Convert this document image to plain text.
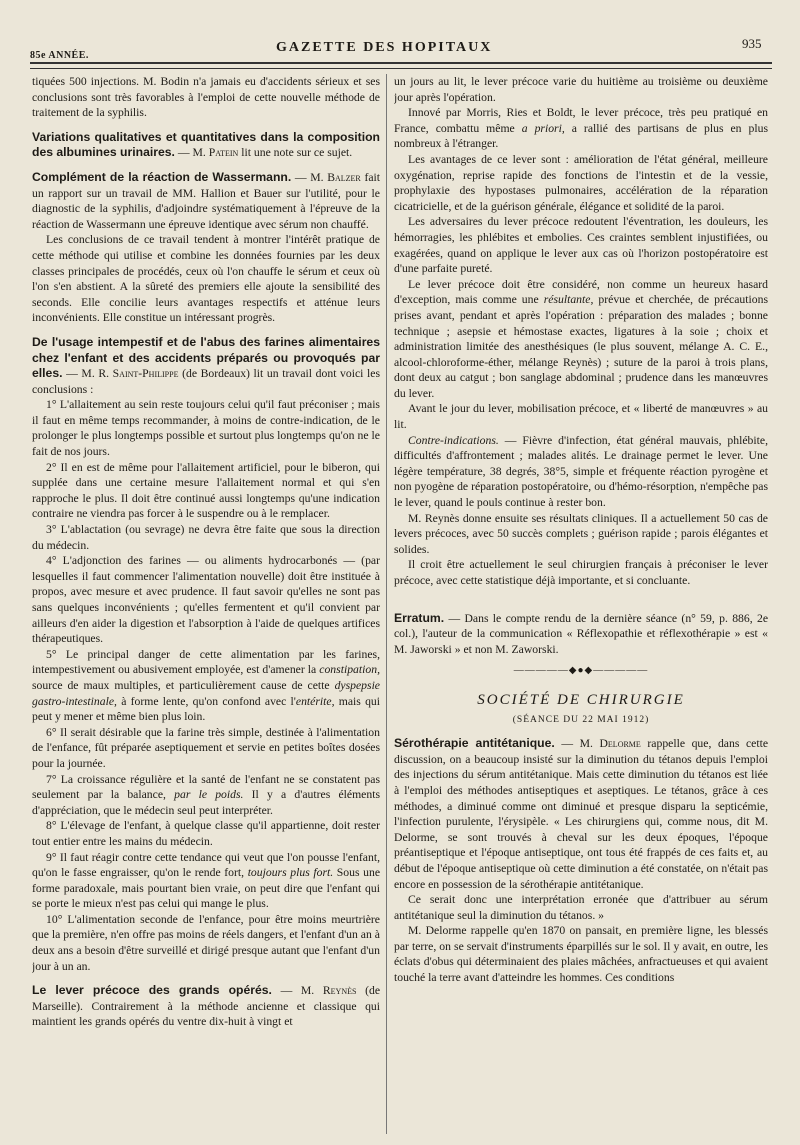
85e ANNÉE.
GAZETTE DES HOPITAUX	935

tiquées 500 injections. M. Bodin n'a jamais eu d'accidents sérieux et ses conclusions sont très favorables à l'emploi de cette nouvelle méthode de traitement de la syphilis.

Variations qualitatives et quantitatives dans la composition des albumines urinaires. — M. Patein lit une note sur ce sujet.

Complément de la réaction de Wassermann. — M. Balzer fait un rapport sur un travail de MM. Hallion et Bauer sur l'utilité, pour le diagnostic de la syphilis, d'adjoindre systématiquement à l'épreuve de la réaction de Wassermann une épreuve identique avec sérum non chauffé.

Les conclusions de ce travail tendent à montrer l'intérêt pratique de cette méthode qui utilise et combine les données fournies par les deux classes principales de procédés, ceux où l'on chauffe le sérum et ceux où l'on s'en abstient. A la sûreté des premiers elle ajoute la sensibilité des seconds. Elle concilie leurs avantages respectifs et atténue leurs inconvénients. Elle constitue un intéressant progrès.

De l'usage intempestif et de l'abus des farines alimentaires chez l'enfant et des accidents préparés ou provoqués par elles. — M. R. Saint-Philippe (de Bordeaux) lit un travail dont voici les conclusions :

1° L'allaitement au sein reste toujours celui qu'il faut préconiser ; mais il faut en même temps recommander, à moins de contre-indication, de le prolonger le plus longtemps possible et surtout plus longtemps qu'on ne le fait de nos jours.

2° Il en est de même pour l'allaitement artificiel, pour le biberon, qui supplée dans une certaine mesure l'allaitement normal et qui s'en rapproche le plus. Il doit être continué aussi longtemps qu'une indication contraire ne viendra pas forcer à le suspendre ou à le remplacer.

3° L'ablactation (ou sevrage) ne devra être faite que sous la direction du médecin.

4° L'adjonction des farines — ou aliments hydrocarbonés — (par lesquelles il faut commencer l'alimentation nouvelle) doit être instituée à propos, avec mesure et avec prudence. Il faut savoir qu'elles ne sont pas sans quelques inconvénients ; qu'elles fermentent et qu'il convient par ailleurs d'en aider la digestion et l'absorption à l'aide de quelques artifices thérapeutiques.

5° Le principal danger de cette alimentation par les farines, intempestivement ou abusivement employée, est d'amener la constipation, source de maux multiples, et particulièrement cause de cette dyspepsie gastro-intestinale, à forme lente, qu'on confond avec l'entérite, mais qui peut y mener et même bien plus loin.

6° Il serait désirable que la farine très simple, destinée à l'alimentation de l'enfance, fût préparée aseptiquement et servie en petites boîtes dosées pour la journée.

7° La croissance régulière et la santé de l'enfant ne se constatent pas seulement par la balance, par le poids. Il y a d'autres éléments d'appréciation, que le médecin seul peut interpréter.

8° L'élevage de l'enfant, à quelque classe qu'il appartienne, doit rester tout entier entre les mains du médecin.

9° Il faut réagir contre cette tendance qui veut que l'on pousse l'enfant, qu'on le fasse engraisser, qu'on le rende fort, toujours plus fort. Sous une forme paradoxale, mais pourtant bien vraie, on peut dire que l'enfant qui se porte le mieux n'est pas celui qui mange le plus.

10° L'alimentation seconde de l'enfance, pour être moins meurtrière que la première, n'en offre pas moins de réels dangers, et l'enfant d'un an à deux ans a besoin d'être surveillé et dirigé presque autant que l'enfant d'un jour à un an.

Le lever précoce des grands opérés. — M. Reynès (de Marseille). Contrairement à la méthode ancienne et classique qui maintient les grands opérés du ventre dix-huit à vingt et

un jours au lit, le lever précoce varie du huitième au troisième ou deuxième jour après l'opération.

Innové par Morris, Ries et Boldt, le lever précoce, très peu pratiqué en France, combattu même a priori, a rallié des partisans de plus en plus nombreux à l'étranger.

Les avantages de ce lever sont : amélioration de l'état général, meilleure oxygénation, reprise rapide des fonctions de l'intestin et de la vessie, prophylaxie des hypostases pulmonaires, accélération de la réparation cicatricielle, et de la guérison générale, élégance et solidité de la paroi.

Les adversaires du lever précoce redoutent l'éventration, les douleurs, les hémorragies, les phlébites et embolies. Ces craintes semblent injustifiées, ou exagérées, quand on applique le lever aux cas où l'horizon postopératoire est d'une parfaite pureté.

Le lever précoce doit être considéré, non comme un heureux hasard d'exception, mais comme une résultante, prévue et cherchée, de précautions prises avant, pendant et après l'opération : préparation des malades ; bonne technique ; asepsie et hémostase exactes, ligatures à la soie ; choix et administration limitée des anesthésiques (le plus souvent, mélange A. C. E., alcool-chloroforme-éther, mélange Reynès) ; suture de la paroi à trois plans, dont deux au catgut ; bon sanglage abdominal ; prudence dans les manœuvres du lever.

Avant le jour du lever, mobilisation précoce, et « liberté de manœuvres » au lit.

Contre-indications. — Fièvre d'infection, état général mauvais, phlébite, difficultés d'affrontement ; malades alités. Le drainage permet le lever. Une légère température, 38 degrés, 38°5, simple et fréquente réaction pyrogène et non pyogène de réparation postopératoire, ou d'hémo-résorption, n'empêche pas le lever, quand le pouls continue à rester bon.

M. Reynès donne ensuite ses résultats cliniques. Il a actuellement 50 cas de levers précoces, avec 50 succès complets ; guérison rapide ; parois élégantes et solides.

Il croit être actuellement le seul chirurgien français à préconiser le lever précoce, avec cette statistique déjà importante, et si concluante.

Erratum. — Dans le compte rendu de la dernière séance (n° 59, p. 886, 2e col.), l'auteur de la communication « Réflexopathie et réflexothérapie » est « M. Jaworski » et non M. Zaworski.

—————◆●◆—————
SOCIÉTÉ DE CHIRURGIE
(SÉANCE DU 22 MAI 1912)

Sérothérapie antitétanique. — M. Delorme rappelle que, dans cette discussion, on a beaucoup insisté sur la diminution du tétanos depuis l'emploi des injections du sérum antitétanique. Mais cette diminution du tétanos est liée à l'emploi des méthodes antiseptiques et aseptiques. Le tétanos, grâce à ces méthodes, a diminué comme ont diminué et presque disparu la septicémie, l'infection purulente, l'érysipèle. « Les chirurgiens qui, comme nous, dit M. Delorme, se sont trouvés à cheval sur les deux époques, l'époque préantiseptique et l'époque antiseptique, ont tous été frappés de ces faits et, au début de l'époque antiseptique où cette diminution a été constatée, on n'était pas encore en possession de la sérothérapie antitétanique.

Ce serait donc une interprétation erronée que d'attribuer au sérum antitétanique seul la diminution du tétanos. »

M. Delorme rappelle qu'en 1870 on pansait, en première ligne, les blessés par terre, on se servait d'instruments éparpillés sur le sol. Il y avait, en outre, les éclats d'obus qui déterminaient des plaies mâchées, anfractueuses et qui avaient touché la terre avant d'atteindre les hommes. Ces conditions
